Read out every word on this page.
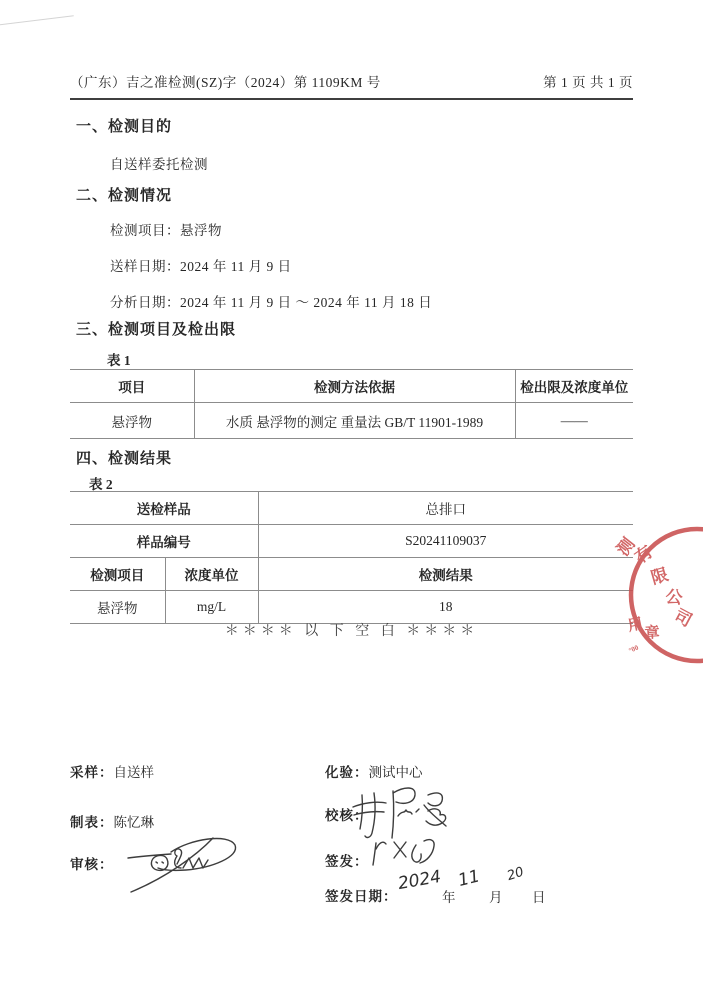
（广东）吉之准检测(SZ)字（2024）第 1109KM 号	第 1 页 共 1 页
一、检测目的
自送样委托检测
二、检测情况
检测项目：悬浮物
送样日期：2024 年 11 月 9 日
分析日期：2024 年 11 月 9 日 ～ 2024 年 11 月 18 日
三、检测项目及检出限
表 1
项目	检测方法依据	检出限及浓度单位
悬浮物	水质 悬浮物的测定 重量法 GB/T 11901-1989	——
四、检测结果
表 2
送检样品		总排口
样品编号		S20241109037
检测项目	浓度单位	检测结果
悬浮物	mg/L	18
＊＊＊＊ 以 下 空 白 ＊＊＊＊
采样：自送样
制表：陈忆琳
审核：
化验：测试中心
校核：
签发：
签发日期：
2024
年
11
月
20
日
测
有
限
公
司
用 章
°00
